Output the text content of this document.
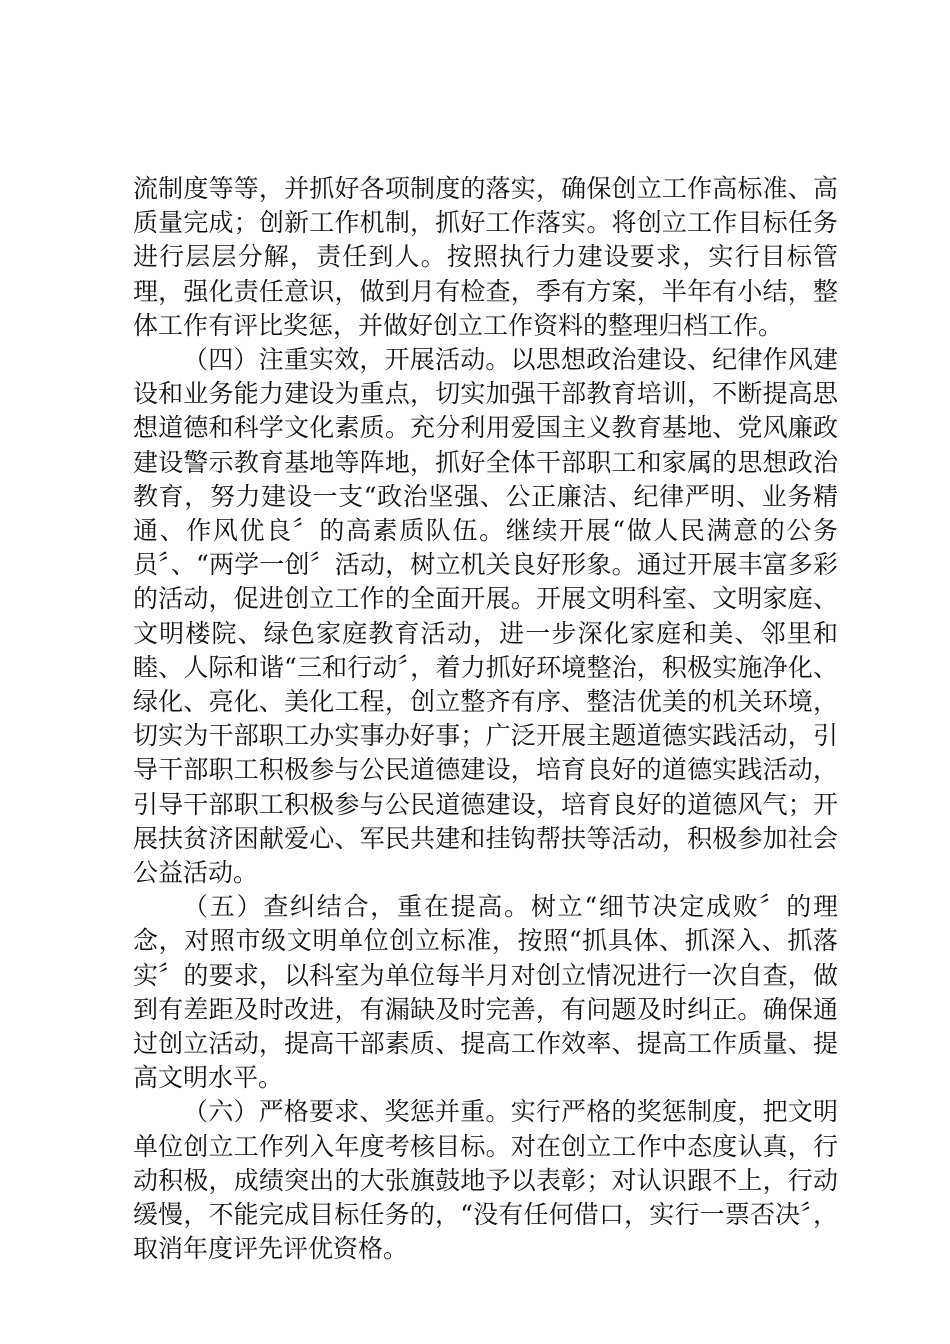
流制度等等，并抓好各项制度的落实，确保创立工作高标准、高质量完成；创新工作机制，抓好工作落实。将创立工作目标任务进行层层分解，责任到人。按照执行力建设要求，实行目标管理，强化责任意识，做到月有检查，季有方案，半年有小结，整体工作有评比奖惩，并做好创立工作资料的整理归档工作。

（四）注重实效，开展活动。以思想政治建设、纪律作风建设和业务能力建设为重点，切实加强干部教育培训，不断提高思想道德和科学文化素质。充分利用爱国主义教育基地、党风廉政建设警示教育基地等阵地，抓好全体干部职工和家属的思想政治教育，努力建设一支“政治坚强、公正廉洁、纪律严明、业务精通、作风优良〞的高素质队伍。继续开展“做人民满意的公务员〞、“两学一创〞活动，树立机关良好形象。通过开展丰富多彩的活动，促进创立工作的全面开展。开展文明科室、文明家庭、文明楼院、绿色家庭教育活动，进一步深化家庭和美、邻里和睦、人际和谐“三和行动〞，着力抓好环境整治，积极实施净化、绿化、亮化、美化工程，创立整齐有序、整洁优美的机关环境，切实为干部职工办实事办好事；广泛开展主题道德实践活动，引导干部职工积极参与公民道德建设，培育良好的道德实践活动，引导干部职工积极参与公民道德建设，培育良好的道德风气；开展扶贫济困献爱心、军民共建和挂钩帮扶等活动，积极参加社会公益活动。

（五）查纠结合，重在提高。树立“细节决定成败〞的理念，对照市级文明单位创立标准，按照“抓具体、抓深入、抓落实〞的要求，以科室为单位每半月对创立情况进行一次自查，做到有差距及时改进，有漏缺及时完善，有问题及时纠正。确保通过创立活动，提高干部素质、提高工作效率、提高工作质量、提高文明水平。

（六）严格要求、奖惩并重。实行严格的奖惩制度，把文明单位创立工作列入年度考核目标。对在创立工作中态度认真，行动积极，成绩突出的大张旗鼓地予以表彰；对认识跟不上，行动缓慢，不能完成目标任务的，“没有任何借口，实行一票否决〞，取消年度评先评优资格。
